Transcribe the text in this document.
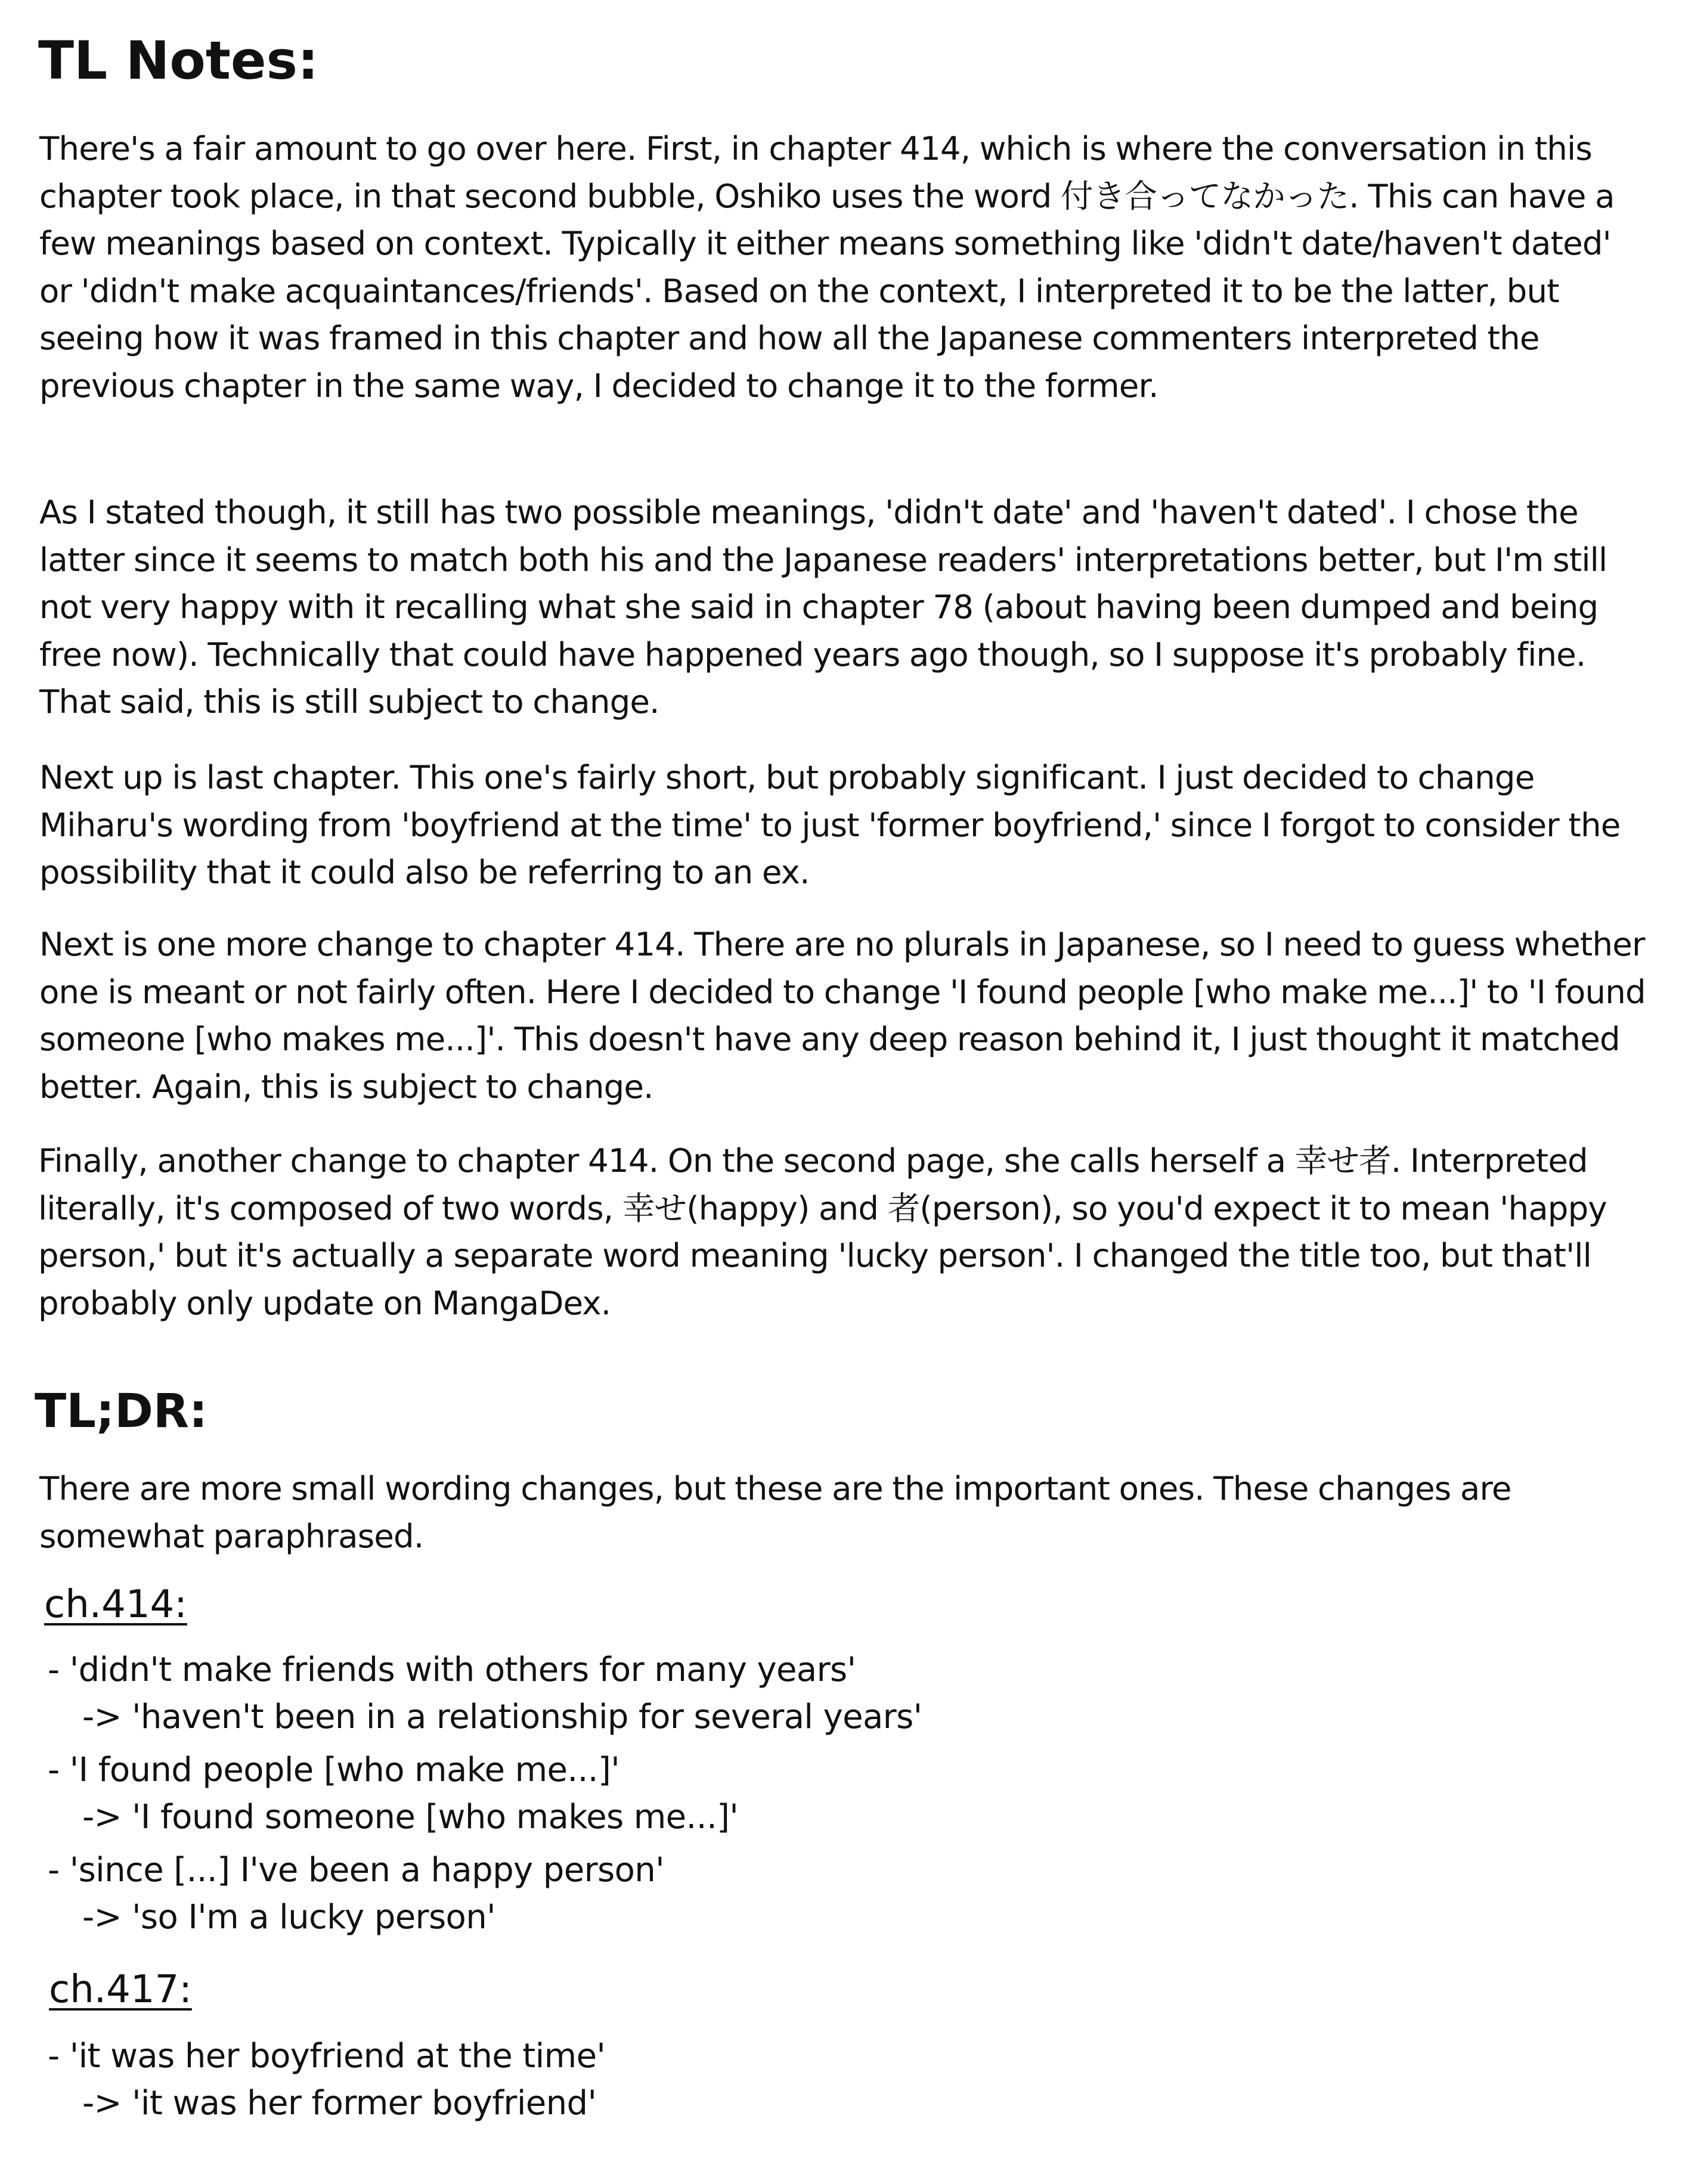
TL Notes:

There's a fair amount to go over here. First, in chapter 414, which is where the conversation in this chapter took place, in that second bubble, Oshiko uses the word 付き合ってなかった. This can have a few meanings based on context. Typically it either means something like 'didn't date/haven't dated' or 'didn't make acquaintances/friends'. Based on the context, I interpreted it to be the latter, but seeing how it was framed in this chapter and how all the Japanese commenters interpreted the previous chapter in the same way, I decided to change it to the former.

As I stated though, it still has two possible meanings, 'didn't date' and 'haven't dated'. I chose the latter since it seems to match both his and the Japanese readers' interpretations better, but I'm still not very happy with it recalling what she said in chapter 78 (about having been dumped and being free now). Technically that could have happened years ago though, so I suppose it's probably fine. That said, this is still subject to change.

Next up is last chapter. This one's fairly short, but probably significant. I just decided to change Miharu's wording from 'boyfriend at the time' to just 'former boyfriend,' since I forgot to consider the possibility that it could also be referring to an ex.

Next is one more change to chapter 414. There are no plurals in Japanese, so I need to guess whether one is meant or not fairly often. Here I decided to change 'I found people [who make me...]' to 'I found someone [who makes me...]'. This doesn't have any deep reason behind it, I just thought it matched better. Again, this is subject to change.

Finally, another change to chapter 414. On the second page, she calls herself a 幸せ者. Interpreted literally, it's composed of two words, 幸せ(happy) and 者(person), so you'd expect it to mean 'happy person,' but it's actually a separate word meaning 'lucky person'. I changed the title too, but that'll probably only update on MangaDex.

TL;DR:

There are more small wording changes, but these are the important ones. These changes are somewhat paraphrased.

ch.414:
- 'didn't make friends with others for many years'
-> 'haven't been in a relationship for several years'
- 'I found people [who make me...]'
-> 'I found someone [who makes me...]'
- 'since [...] I've been a happy person'
-> 'so I'm a lucky person'
ch.417:
- 'it was her boyfriend at the time'
-> 'it was her former boyfriend'
